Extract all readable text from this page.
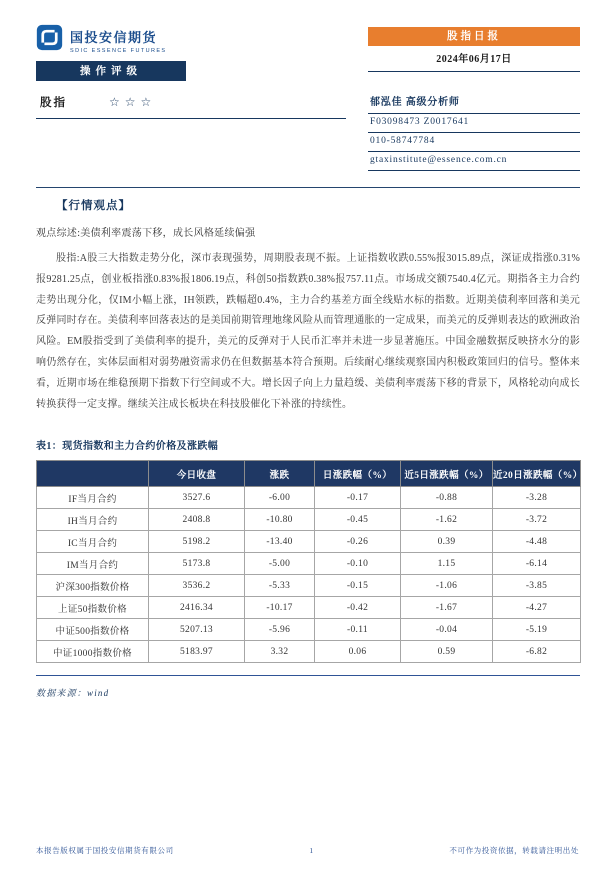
国投安信期货
SDIC ESSENCE FUTURES
股指日报
2024年06月17日
操作评级
股指	☆☆☆	郁泓佳 高级分析师
F03098473 Z0017641
010-58747784
gtaxinstitute@essence.com.cn
【行情观点】

观点综述:美债利率震荡下移，成长风格延续偏强

股指:A股三大指数走势分化，深市表现强势，周期股表现不振。上证指数收跌0.55%报3015.89点，深证成指涨0.31%报9281.25点，创业板指涨0.83%报1806.19点，科创50指数跌0.38%报757.11点。市场成交额7540.4亿元。期指各主力合约走势出现分化，仅IM小幅上涨，IH领跌，跌幅超0.4%，主力合约基差方面全线贴水标的指数。近期美债利率回落和美元反弹同时存在。美债利率回落表达的是美国前期管理地缘风险从而管理通胀的一定成果，而美元的反弹则表达的欧洲政治风险。EM股指受到了美债利率的提升，美元的反弹对于人民币汇率并未进一步显著施压。中国金融数据反映挤水分的影响仍然存在，实体层面相对弱势融资需求仍在但数据基本符合预期。后续耐心继续观察国内积极政策回归的信号。整体来看，近期市场在维稳预期下指数下行空间或不大。增长因子向上力量趋缓、美债利率震荡下移的背景下，风格轮动向成长转换获得一定支撑。继续关注成长板块在科技股催化下补涨的持续性。

表1：现货指数和主力合约价格及涨跌幅
	今日收盘	涨跌	日涨跌幅（%）	近5日涨跌幅（%）	近20日涨跌幅（%）
IF当月合约	3527.6	-6.00	-0.17	-0.88	-3.28
IH当月合约	2408.8	-10.80	-0.45	-1.62	-3.72
IC当月合约	5198.2	-13.40	-0.26	0.39	-4.48
IM当月合约	5173.8	-5.00	-0.10	1.15	-6.14
沪深300指数价格	3536.2	-5.33	-0.15	-1.06	-3.85
上证50指数价格	2416.34	-10.17	-0.42	-1.67	-4.27
中证500指数价格	5207.13	-5.96	-0.11	-0.04	-5.19
中证1000指数价格	5183.97	3.32	0.06	0.59	-6.82
数据来源：wind
本报告版权属于国投安信期货有限公司	1	不可作为投资依据，转载请注明出处
